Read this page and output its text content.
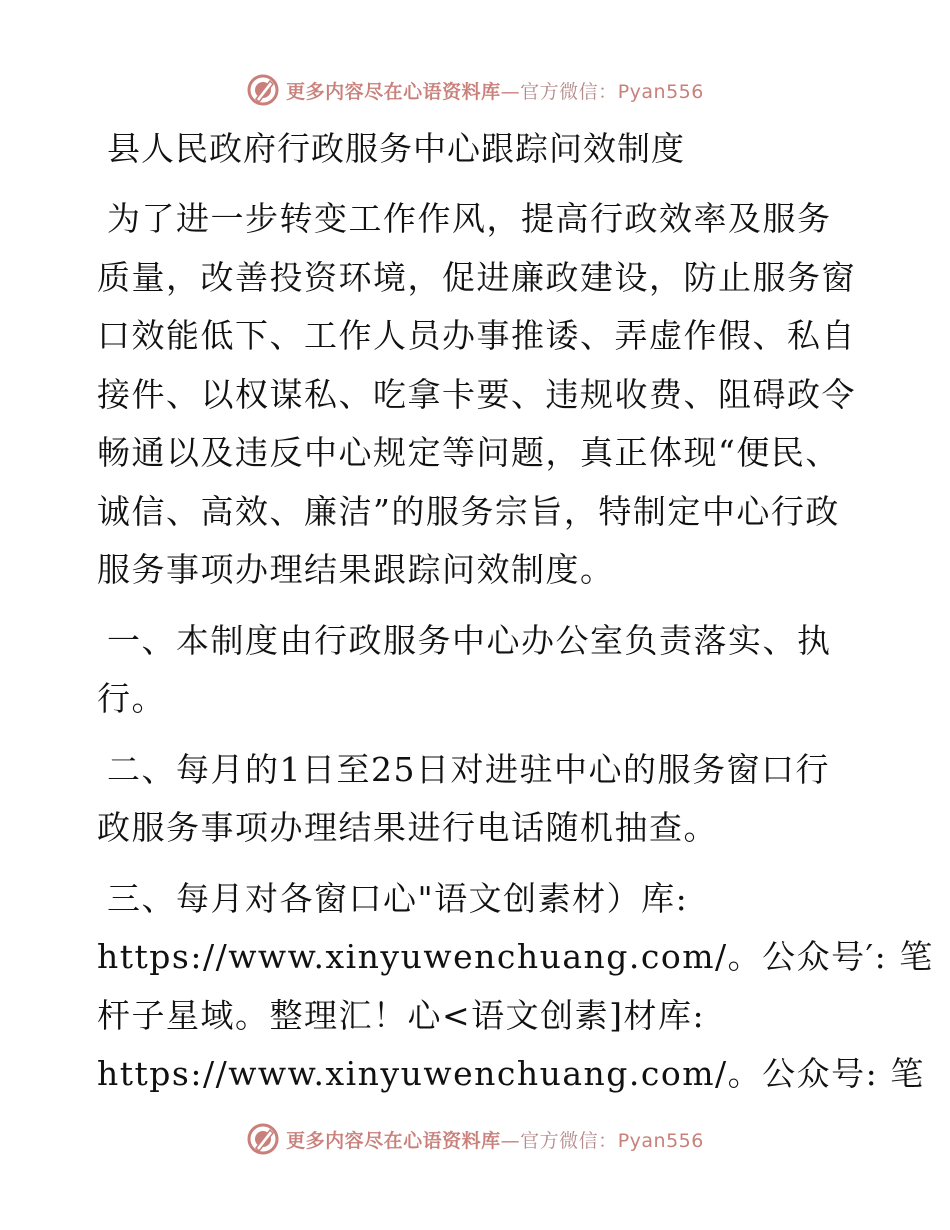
更多内容尽在心语资料库—官方微信：Pyan556
县人民政府行政服务中心跟踪问效制度

为了进一步转变工作作风，提高行政效率及服务
质量，改善投资环境，促进廉政建设，防止服务窗
口效能低下、工作人员办事推诿、弄虚作假、私自
接件、以权谋私、吃拿卡要、违规收费、阻碍政令
畅通以及违反中心规定等问题，真正体现“便民、
诚信、高效、廉洁”的服务宗旨，特制定中心行政
服务事项办理结果跟踪问效制度。

一、本制度由行政服务中心办公室负责落实、执
行。

二、每月的1日至25日对进驻中心的服务窗口行
政服务事项办理结果进行电话随机抽查。

三、每月对各窗口心"语文创素材）库:
https://www.xinyuwenchuang.com/。公众号′: 笔
杆子星域。整理汇！心<语文创素]材库:
https://www.xinyuwenchuang.com/。公众号: 笔

更多内容尽在心语资料库—官方微信：Pyan556
